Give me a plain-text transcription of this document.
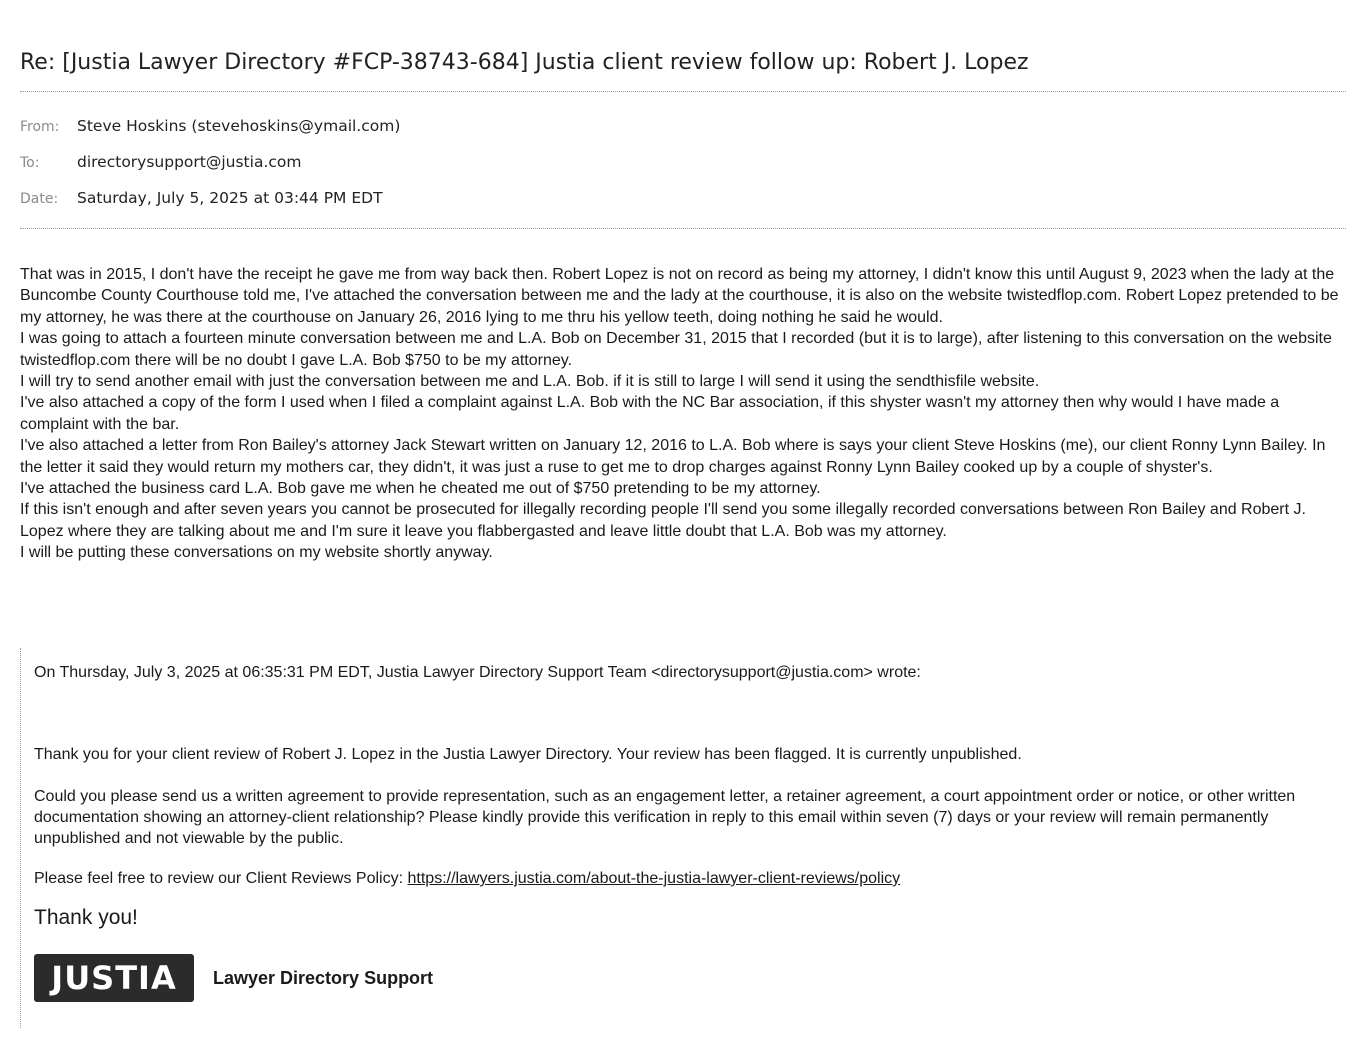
Re: [Justia Lawyer Directory #FCP-38743-684] Justia client review follow up: Robert J. Lopez
From: Steve Hoskins (stevehoskins@ymail.com)
To: directorysupport@justia.com
Date: Saturday, July 5, 2025 at 03:44 PM EDT

That was in 2015, I don't have the receipt he gave me from way back then. Robert Lopez is not on record as being my attorney, I didn't know this until August 9, 2023 when the lady at the Buncombe County Courthouse told me, I've attached the conversation between me and the lady at the courthouse, it is also on the website twistedflop.com. Robert Lopez pretended to be my attorney, he was there at the courthouse on January 26, 2016 lying to me thru his yellow teeth, doing nothing he said he would.

I was going to attach a fourteen minute conversation between me and L.A. Bob on December 31, 2015 that I recorded (but it is to large), after listening to this conversation on the website twistedflop.com there will be no doubt I gave L.A. Bob $750 to be my attorney.

I will try to send another email with just the conversation between me and L.A. Bob. if it is still to large I will send it using the sendthisfile website.

I've also attached a copy of the form I used when I filed a complaint against L.A. Bob with the NC Bar association, if this shyster wasn't my attorney then why would I have made a complaint with the bar.

I've also attached a letter from Ron Bailey's attorney Jack Stewart written on January 12, 2016 to L.A. Bob where is says your client Steve Hoskins (me), our client Ronny Lynn Bailey. In the letter it said they would return my mothers car, they didn't, it was just a ruse to get me to drop charges against Ronny Lynn Bailey cooked up by a couple of shyster's.

I've attached the business card L.A. Bob gave me when he cheated me out of $750 pretending to be my attorney.

If this isn't enough and after seven years you cannot be prosecuted for illegally recording people I'll send you some illegally recorded conversations between Ron Bailey and Robert J. Lopez where they are talking about me and I'm sure it leave you flabbergasted and leave little doubt that L.A. Bob was my attorney.

I will be putting these conversations on my website shortly anyway.

On Thursday, July 3, 2025 at 06:35:31 PM EDT, Justia Lawyer Directory Support Team <directorysupport@justia.com> wrote:
Thank you for your client review of Robert J. Lopez in the Justia Lawyer Directory. Your review has been flagged. It is currently unpublished.
Could you please send us a written agreement to provide representation, such as an engagement letter, a retainer agreement, a court appointment order or notice, or other written documentation showing an attorney-client relationship? Please kindly provide this verification in reply to this email within seven (7) days or your review will remain permanently unpublished and not viewable by the public.
Please feel free to review our Client Reviews Policy: https://lawyers.justia.com/about-the-justia-lawyer-client-reviews/policy
Thank you!
JUSTIA	Lawyer Directory Support
